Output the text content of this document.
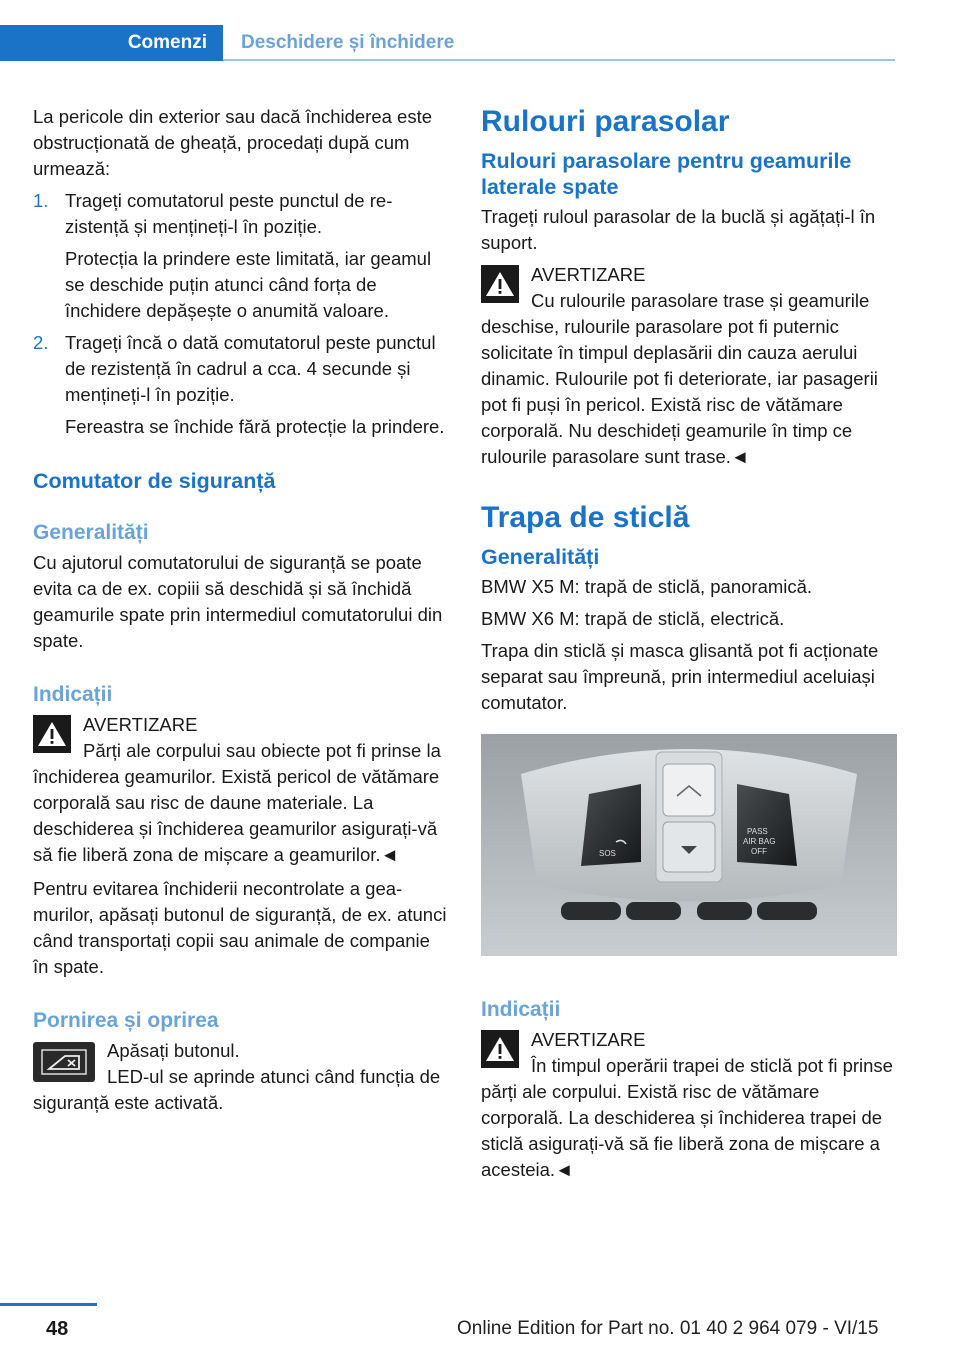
Comenzi	Deschidere și închidere

La pericole din exterior sau dacă închiderea este obstrucționată de gheață, procedați după cum urmează:

1. Trageți comutatorul peste punctul de rezistență și mențineți-l în poziție.

Protecția la prindere este limitată, iar geamul se deschide puțin atunci când forța de închidere depășește o anumită valoare.

2. Trageți încă o dată comutatorul peste punctul de rezistență în cadrul a cca. 4 secunde și mențineți-l în poziție.

Fereastra se închide fără protecție la prindere.

Comutator de siguranță
Generalități

Cu ajutorul comutatorului de siguranță se poate evita ca de ex. copiii să deschidă și să închidă geamurile spate prin intermediul comutatorului din spate.

Indicații
AVERTIZARE
Părți ale corpului sau obiecte pot fi prinse la închiderea geamurilor. Există pericol de vătămare corporală sau risc de daune materiale. La deschiderea și închiderea geamurilor asigurați-vă să fie liberă zona de mișcare a geamurilor.◄

Pentru evitarea închiderii necontrolate a geamurilor, apăsați butonul de siguranță, de ex. atunci când transportați copii sau animale de companie în spate.

Pornirea și oprirea
Apăsați butonul.
LED-ul se aprinde atunci când funcția de siguranță este activată.
Rulouri parasolar
Rulouri parasolare pentru geamurile laterale spate

Trageți ruloul parasolar de la buclă și agățați-l în suport.

AVERTIZARE
Cu rulourile parasolare trase și geamurile deschise, rulourile parasolare pot fi puternic solicitate în timpul deplasării din cauza aerului dinamic. Rulourile pot fi deteriorate, iar pasagerii pot fi puși în pericol. Există risc de vătămare corporală. Nu deschideți geamurile în timp ce rulourile parasolare sunt trase.◄
Trapa de sticlă
Generalități

BMW X5 M: trapă de sticlă, panoramică.

BMW X6 M: trapă de sticlă, electrică.

Trapa din sticlă și masca glisantă pot fi acționate separat sau împreună, prin intermediul aceluiași comutator.

SOS
PASS
AIR BAG
OFF
Indicații
AVERTIZARE
În timpul operării trapei de sticlă pot fi prinse părți ale corpului. Există risc de vătămare corporală. La deschiderea și închiderea trapei de sticlă asigurați-vă să fie liberă zona de mișcare a acesteia.◄
48	Online Edition for Part no. 01 40 2 964 079 - VI/15
